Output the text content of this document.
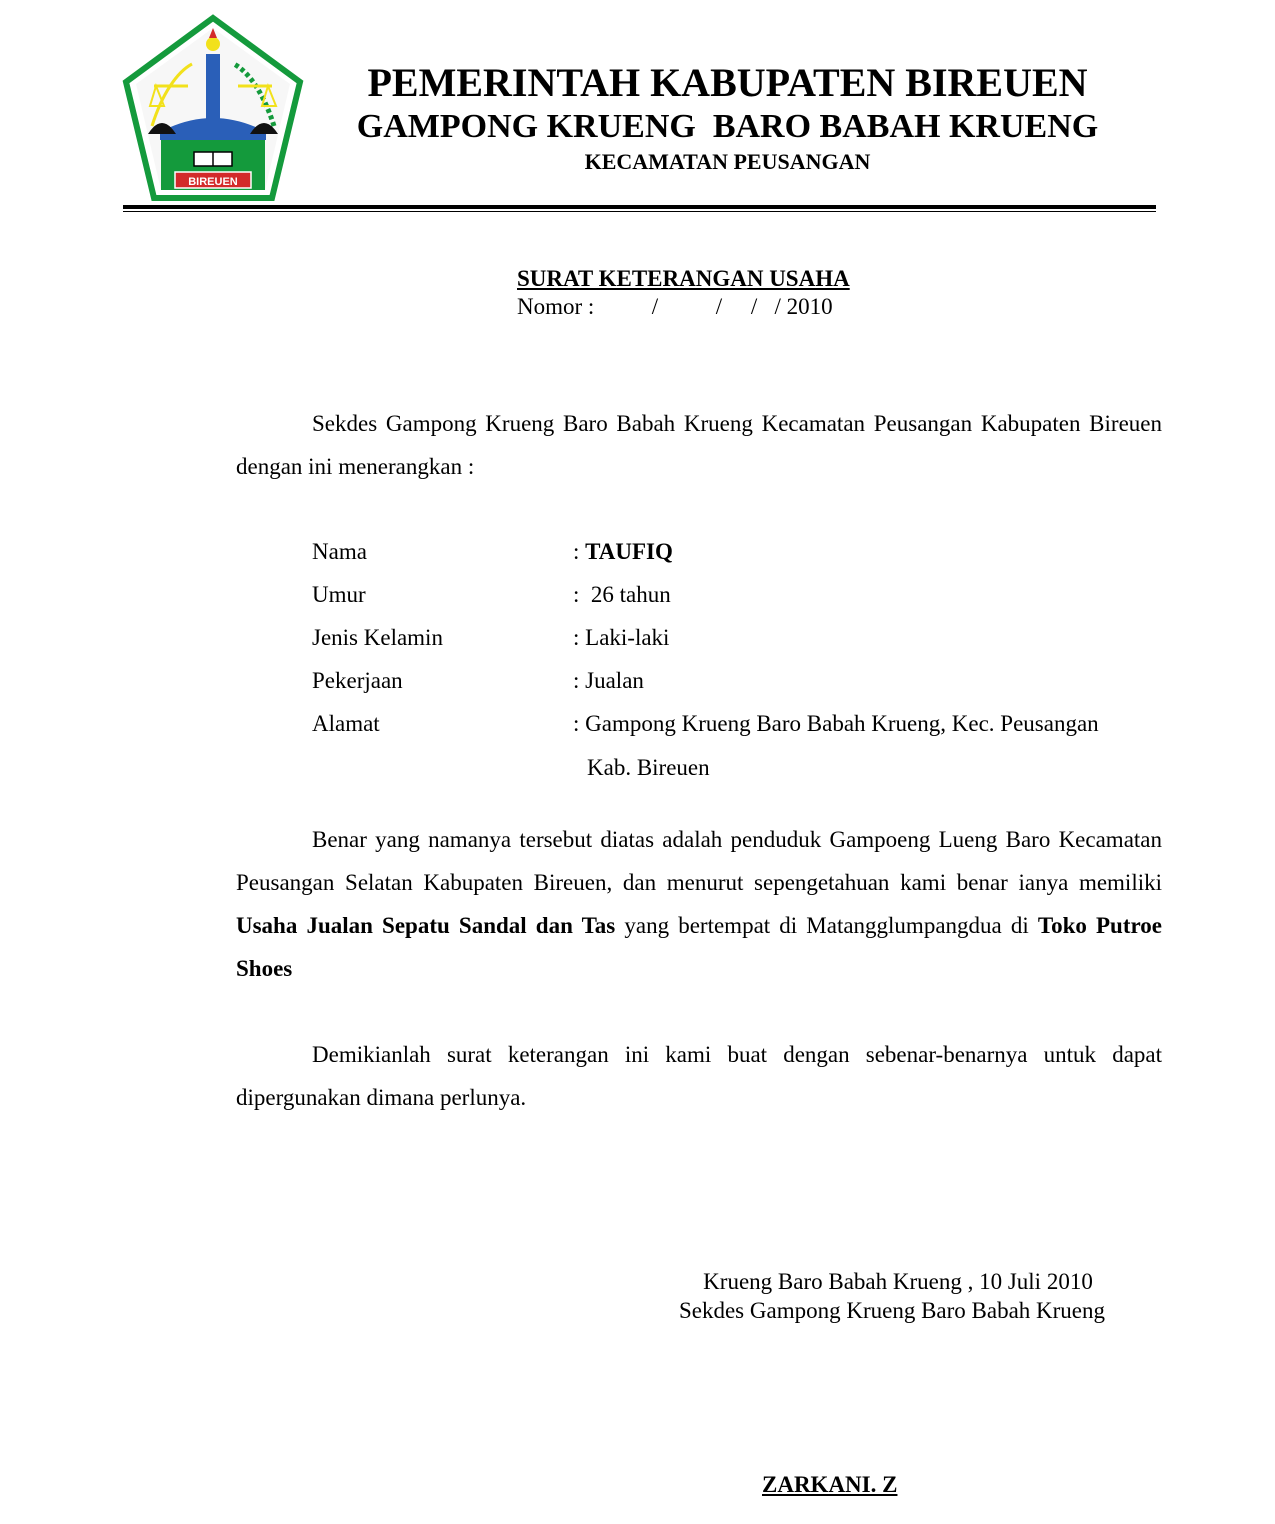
BIREUEN
PEMERINTAH KABUPATEN BIREUEN
GAMPONG KRUENG  BARO BABAH KRUENG
KECAMATAN PEUSANGAN
SURAT KETERANGAN USAHA
Nomor :          /          /     /   / 2010

Sekdes Gampong Krueng Baro Babah Krueng Kecamatan Peusangan Kabupaten Bireuen dengan ini menerangkan :

Nama	: TAUFIQ
Umur	:  26 tahun
Jenis Kelamin	: Laki-laki
Pekerjaan	: Jualan
Alamat	: Gampong Krueng Baro Babah Krueng, Kec. Peusangan
Kab. Bireuen

Benar yang namanya tersebut diatas adalah penduduk Gampoeng Lueng Baro Kecamatan Peusangan Selatan Kabupaten Bireuen, dan menurut sepengetahuan kami benar ianya memiliki Usaha Jualan Sepatu Sandal dan Tas yang bertempat di Matangglumpangdua di Toko Putroe Shoes

Demikianlah surat keterangan ini kami buat dengan sebenar-benarnya untuk dapat dipergunakan dimana perlunya.

Krueng Baro Babah Krueng , 10 Juli 2010
Sekdes Gampong Krueng Baro Babah Krueng
ZARKANI. Z
